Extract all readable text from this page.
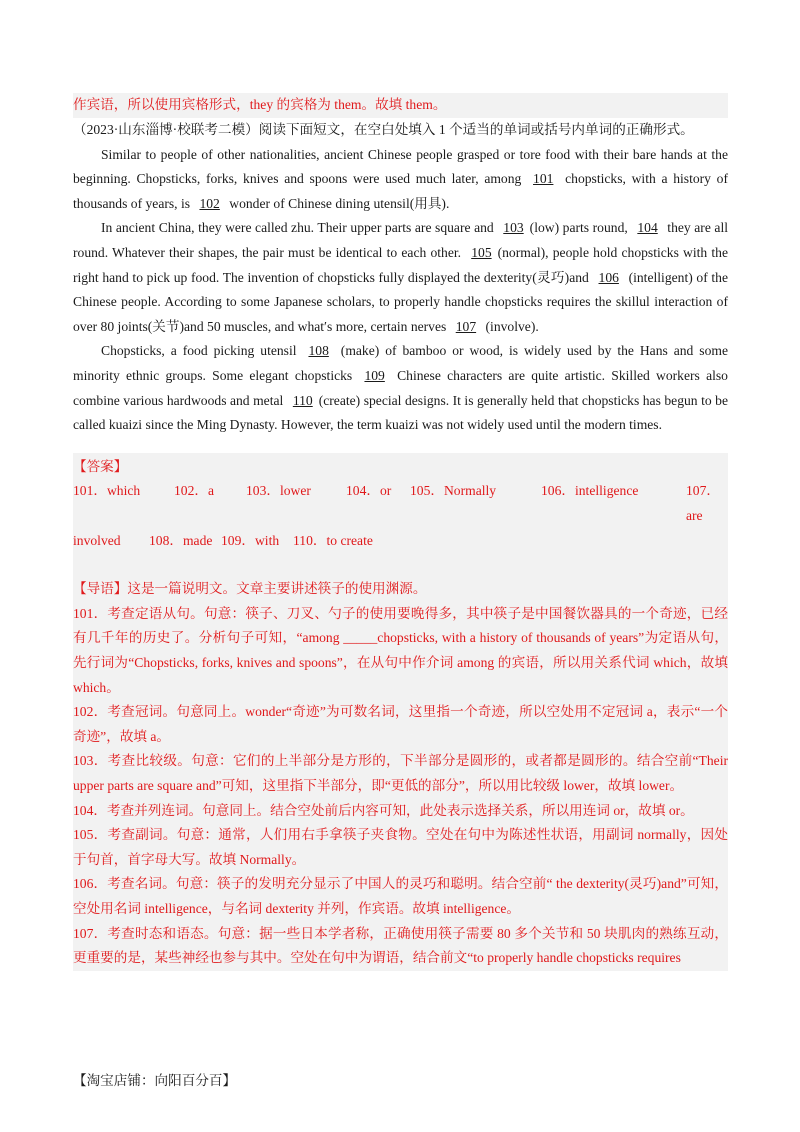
作宾语，所以使用宾格形式，they 的宾格为 them。故填 them。
（2023·山东淄博·校联考二模）阅读下面短文，在空白处填入 1 个适当的单词或括号内单词的正确形式。
Similar to people of other nationalities, ancient Chinese people grasped or tore food with their bare hands at the beginning. Chopsticks, forks, knives and spoons were used much later, among 101 chopsticks, with a history of thousands of years, is 102 wonder of Chinese dining utensil(用具).
In ancient China, they were called zhu. Their upper parts are square and 103 (low) parts round, 104 they are all round. Whatever their shapes, the pair must be identical to each other. 105 (normal), people hold chopsticks with the right hand to pick up food. The invention of chopsticks fully displayed the dexterity(灵巧)and 106 (intelligent) of the Chinese people. According to some Japanese scholars, to properly handle chopsticks requires the skillul interaction of over 80 joints(关节)and 50 muscles, and what′s more, certain nerves 107 (involve).
Chopsticks, a food picking utensil 108 (make) of bamboo or wood, is widely used by the Hans and some minority ethnic groups. Some elegant chopsticks 109 Chinese characters are quite artistic. Skilled workers also combine various hardwoods and metal 110 (create) special designs. It is generally held that chopsticks has begun to be called kuaizi since the Ming Dynasty. However, the term kuaizi was not widely used until the modern times.
【答案】
101．which	102．a	103．lower	104．or	105．Normally	106．intelligence	107．are
involved	108．made 109．with	110．to create
【导语】这是一篇说明文。文章主要讲述筷子的使用渊源。
101．考查定语从句。句意：筷子、刀叉、勺子的使用要晚得多，其中筷子是中国餐饮器具的一个奇迹，已经有几千年的历史了。分析句子可知，“among _____chopsticks, with a history of thousands of years”为定语从句，先行词为“Chopsticks, forks, knives and spoons”，在从句中作介词 among 的宾语，所以用关系代词 which，故填 which。
102．考查冠词。句意同上。wonder“奇迹”为可数名词，这里指一个奇迹，所以空处用不定冠词 a，表示“一个奇迹”，故填 a。
103．考查比较级。句意：它们的上半部分是方形的，下半部分是圆形的，或者都是圆形的。结合空前“Their upper parts are square and”可知，这里指下半部分，即“更低的部分”，所以用比较级 lower，故填 lower。
104．考查并列连词。句意同上。结合空处前后内容可知，此处表示选择关系，所以用连词 or，故填 or。
105．考查副词。句意：通常，人们用右手拿筷子夹食物。空处在句中为陈述性状语，用副词 normally，因处于句首，首字母大写。故填 Normally。
106．考查名词。句意：筷子的发明充分显示了中国人的灵巧和聪明。结合空前“ the dexterity(灵巧)and”可知，空处用名词 intelligence，与名词 dexterity 并列，作宾语。故填 intelligence。
107．考查时态和语态。句意：据一些日本学者称，正确使用筷子需要 80 多个关节和 50 块肌肉的熟练互动，更重要的是，某些神经也参与其中。空处在句中为谓语，结合前文“to properly handle chopsticks requires
【淘宝店铺：向阳百分百】
